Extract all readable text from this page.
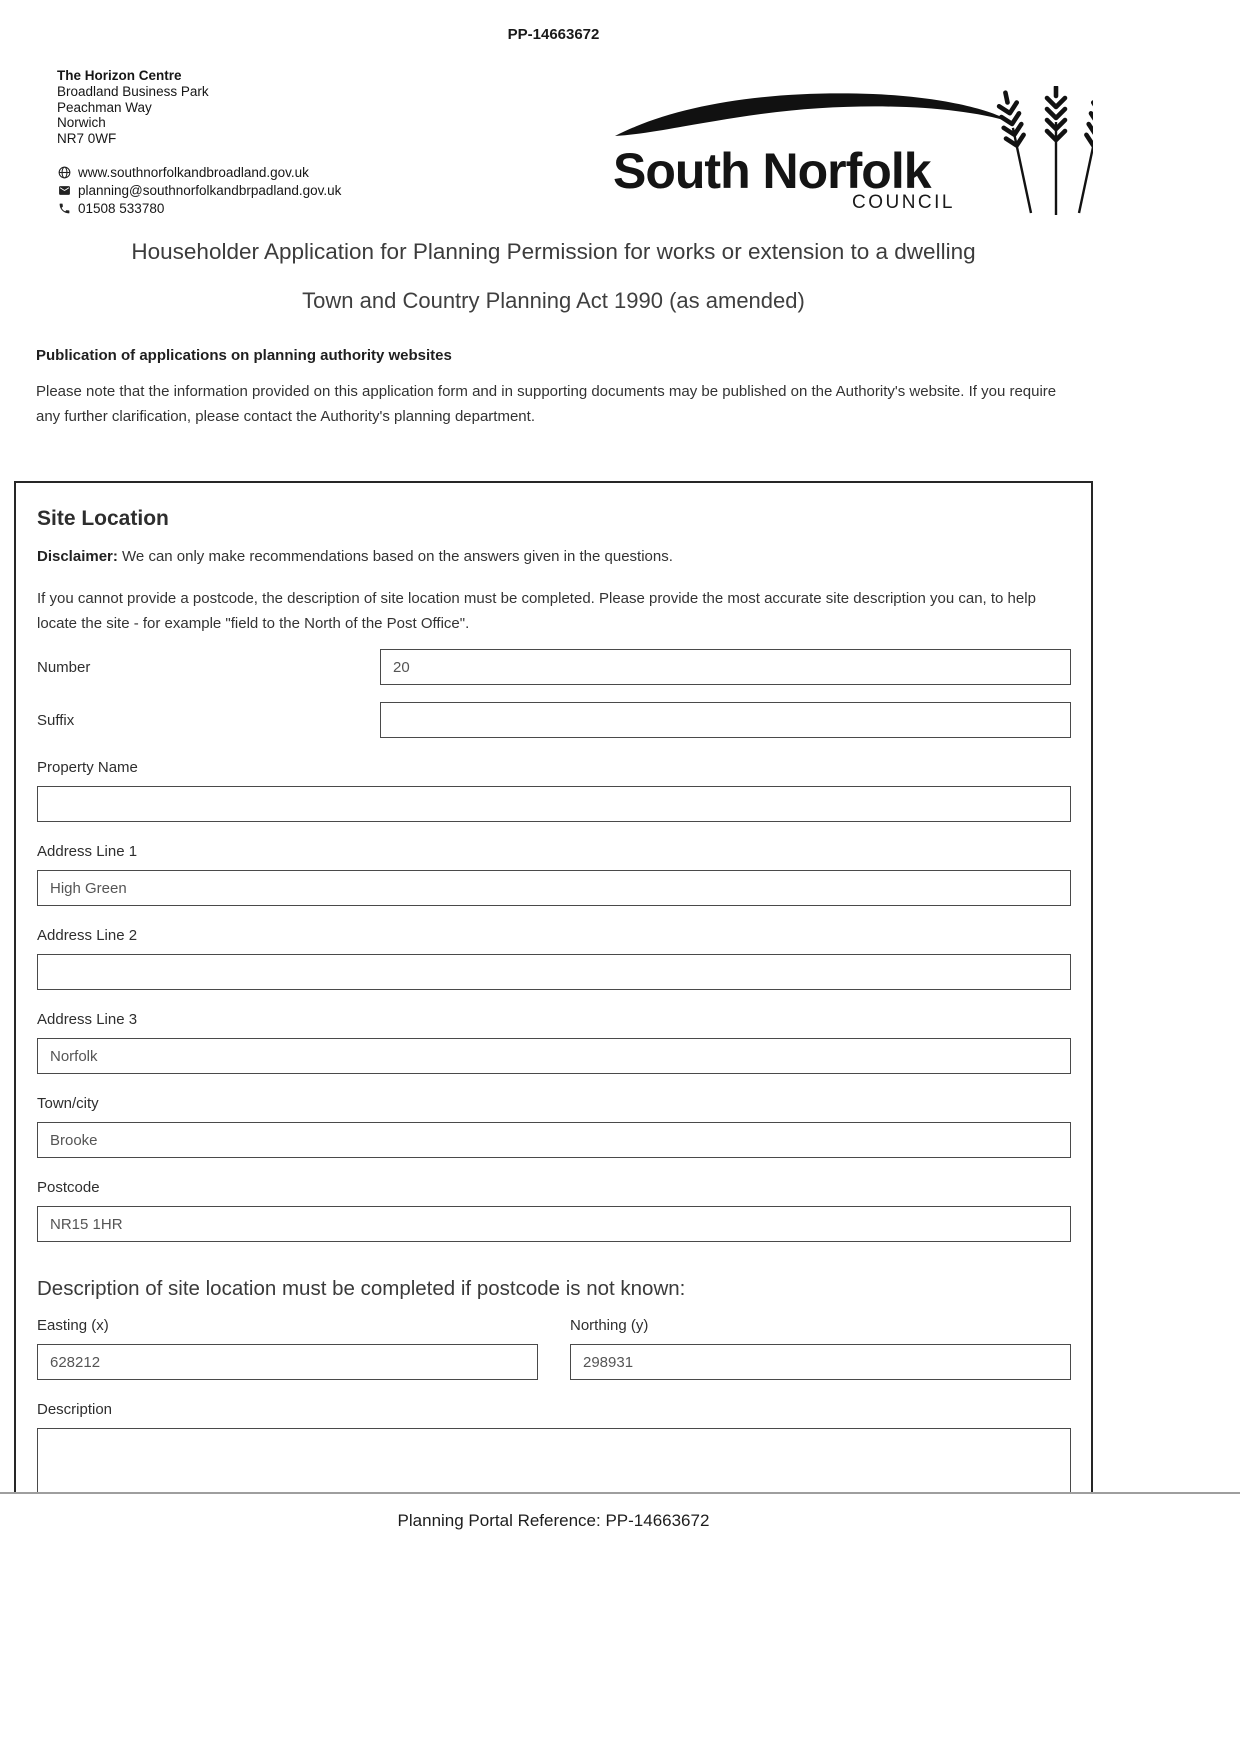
PP-14663672
The Horizon Centre
Broadland Business Park
Peachman Way
Norwich
NR7 0WF
www.southnorfolkandbroadland.gov.uk
planning@southnorfolkandbrpadland.gov.uk
01508 533780
South Norfolk
COUNCIL
Householder Application for Planning Permission for works or extension to a dwelling
Town and Country Planning Act 1990 (as amended)
Publication of applications on planning authority websites
Please note that the information provided on this application form and in supporting documents may be published on the Authority's website. If you require any further clarification, please contact the Authority's planning department.
Site Location
Disclaimer: We can only make recommendations based on the answers given in the questions.
If you cannot provide a postcode, the description of site location must be completed. Please provide the most accurate site description you can, to help locate the site - for example "field to the North of the Post Office".
Number
20
Suffix
Property Name
Address Line 1
High Green
Address Line 2
Address Line 3
Norfolk
Town/city
Brooke
Postcode
NR15 1HR
Description of site location must be completed if postcode is not known:
Easting (x)
628212	Northing (y)
298931
Description
Planning Portal Reference: PP-14663672
